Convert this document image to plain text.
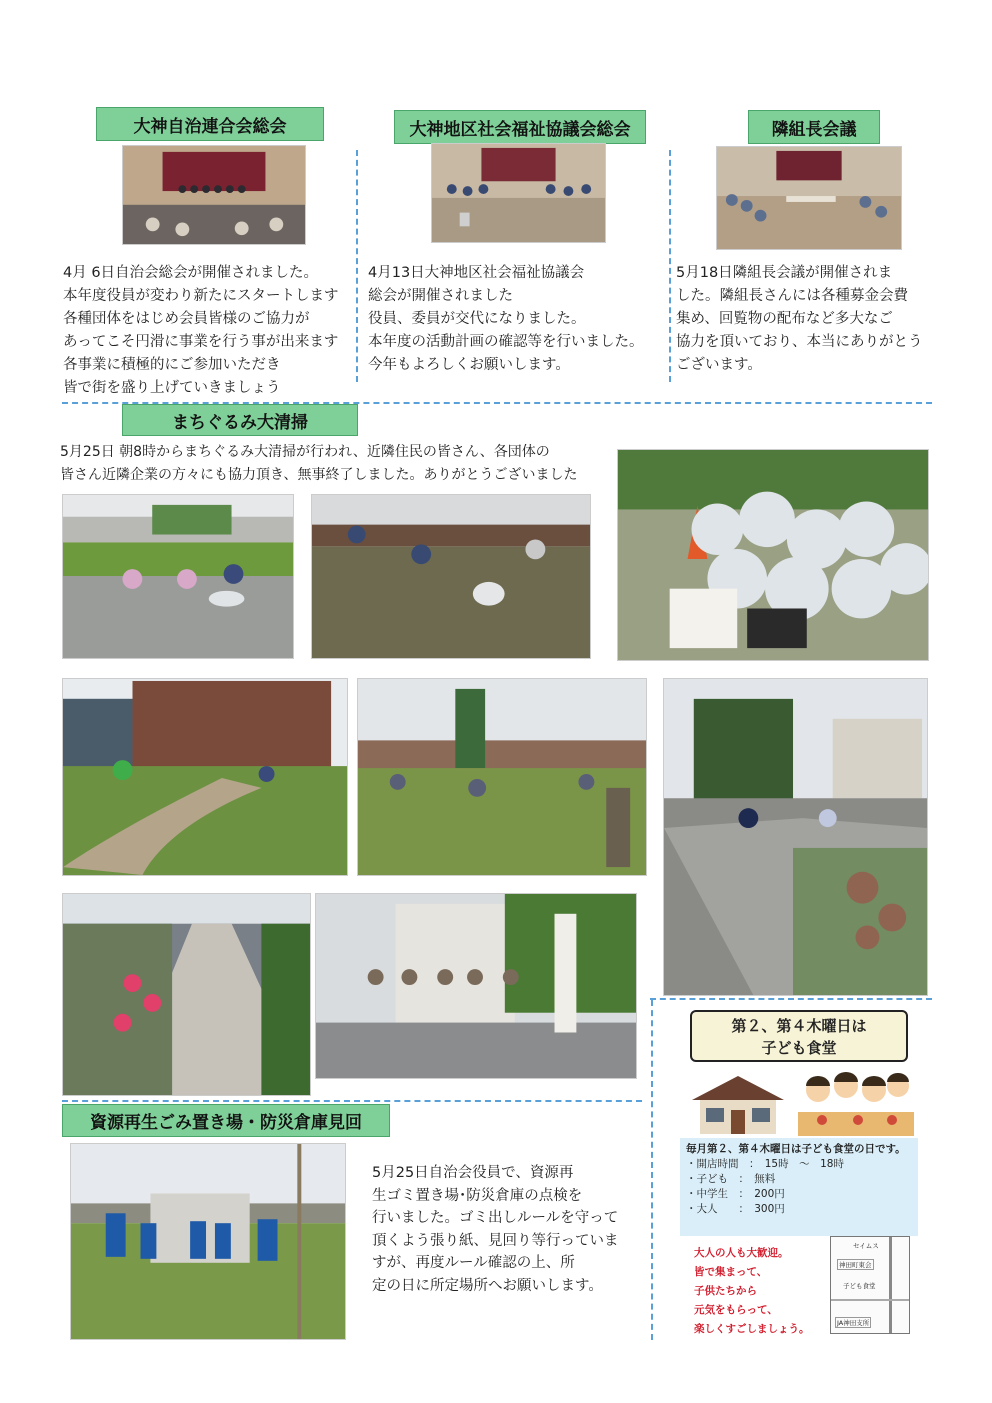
大神自治連合会総会	大神地区社会福祉協議会総会	隣組長会議
4月 6日自治会総会が開催されました。
本年度役員が変わり新たにスタートします
各種団体をはじめ会員皆様のご協力が
あってこそ円滑に事業を行う事が出来ます
各事業に積極的にご参加いただき
皆で街を盛り上げていきましょう
4月13日大神地区社会福祉協議会
総会が開催されました
役員、委員が交代になりました。
本年度の活動計画の確認等を行いました。
今年もよろしくお願いします。
5月18日隣組長会議が開催されま
した。隣組長さんには各種募金会費
集め、回覧物の配布など多大なご
協力を頂いており、本当にありがとう
ございます。
まちぐるみ大清掃
5月25日 朝8時からまちぐるみ大清掃が行われ、近隣住民の皆さん、各団体の
皆さん近隣企業の方々にも協力頂き、無事終了しました。ありがとうございました
資源再生ごみ置き場・防災倉庫見回
5月25日自治会役員で、資源再
生ゴミ置き場･防災倉庫の点検を
行いました。ゴミ出しルールを守って
頂くよう張り紙、見回り等行っていま
すが、再度ルール確認の上、所
定の日に所定場所へお願いします。
第２、第４木曜日は
子ども食堂
毎月第２、第４木曜日は子ども食堂の日です。
・開店時間　：　15時　～　18時
・子ども　：　無料
・中学生　：　200円
・大人　　：　300円
大人の人も大歓迎。
皆で集まって、
子供たちから
元気をもらって、
楽しくすごしましょう。
セイムス
神田町東会
子ども食堂
JA神田支所
